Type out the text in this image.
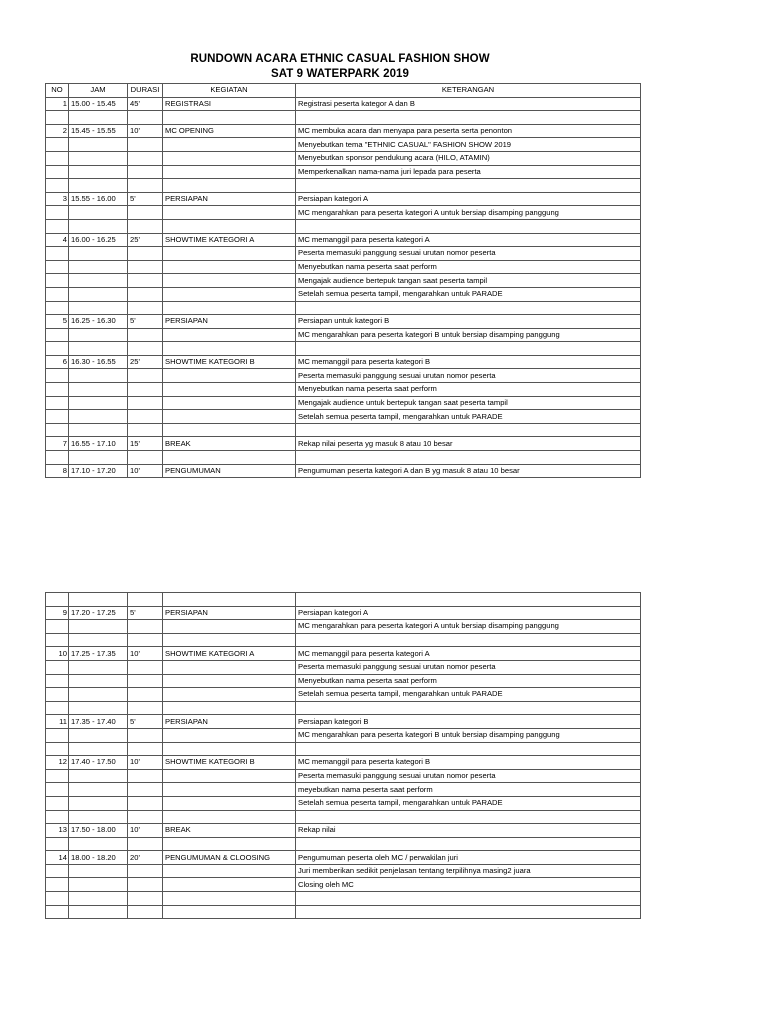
RUNDOWN ACARA ETHNIC CASUAL FASHION SHOW
SAT 9 WATERPARK 2019
NO	JAM	DURASI	KEGIATAN	KETERANGAN
1	15.00 - 15.45	45'	REGISTRASI	Registrasi peserta kategor A dan B

2	15.45 - 15.55	10'	MC OPENING	MC membuka acara dan menyapa para peserta serta penonton
				Menyebutkan tema "ETHNIC CASUAL" FASHION SHOW 2019
				Menyebutkan sponsor pendukung acara (HILO, ATAMIN)
				Memperkenalkan nama-nama juri lepada para peserta

3	15.55 - 16.00	5'	PERSIAPAN	Persiapan kategori A
				MC mengarahkan para peserta kategori A untuk bersiap disamping panggung

4	16.00 - 16.25	25'	SHOWTIME KATEGORI A	MC memanggil para peserta kategori A
				Peserta memasuki panggung sesuai urutan nomor peserta
				Menyebutkan nama peserta saat perform
				Mengajak audience bertepuk tangan saat peserta tampil
				Setelah semua peserta tampil, mengarahkan untuk PARADE

5	16.25 - 16.30	5'	PERSIAPAN	Persiapan untuk kategori B
				MC mengarahkan para peserta kategori B untuk bersiap disamping panggung

6	16.30 - 16.55	25'	SHOWTIME KATEGORI B	MC memanggil para peserta kategori B
				Peserta memasuki panggung sesuai urutan nomor peserta
				Menyebutkan nama peserta saat perform
				Mengajak audience untuk bertepuk tangan saat peserta tampil
				Setelah semua peserta tampil, mengarahkan untuk PARADE

7	16.55 - 17.10	15'	BREAK	Rekap nilai peserta yg masuk 8 atau 10 besar

8	17.10 - 17.20	10'	PENGUMUMAN	Pengumuman peserta kategori A dan B yg masuk 8 atau 10 besar

9	17.20 - 17.25	5'	PERSIAPAN	Persiapan kategori A
				MC mengarahkan para peserta kategori A untuk bersiap disamping panggung

10	17.25 - 17.35	10'	SHOWTIME KATEGORI A	MC memanggil para peserta kategori A
				Peserta memasuki panggung sesuai urutan nomor peserta
				Menyebutkan nama peserta saat perform
				Setelah semua peserta tampil, mengarahkan untuk PARADE

11	17.35 - 17.40	5'	PERSIAPAN	Persiapan kategori B
				MC mengarahkan para peserta kategori B untuk bersiap disamping panggung

12	17.40 - 17.50	10'	SHOWTIME KATEGORI B	MC memanggil para peserta kategori B
				Peserta memasuki panggung sesuai urutan nomor peserta
				meyebutkan nama peserta saat perform
				Setelah semua peserta tampil, mengarahkan untuk PARADE

13	17.50 - 18.00	10'	BREAK	Rekap nilai

14	18.00 - 18.20	20'	PENGUMUMAN & CLOOSING	Pengumuman peserta oleh MC / perwakilan juri
				Juri memberikan sedikit penjelasan tentang terpilihnya masing2 juara
				Closing oleh MC
